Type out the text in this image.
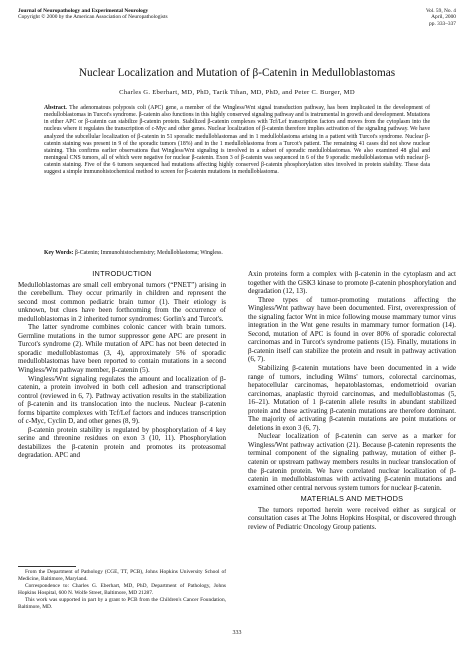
Journal of Neuropathology and Experimental Neurology
Copyright © 2000 by the American Association of Neuropathologists
Vol. 59, No. 4
April, 2000
pp. 333–337
Nuclear Localization and Mutation of β-Catenin in Medulloblastomas
Charles G. Eberhart, MD, PhD, Tarik Tihan, MD, PhD, and Peter C. Burger, MD
Abstract. The adenomatous polyposis coli (APC) gene, a member of the Wingless/Wnt signal transduction pathway, has been implicated in the development of medulloblastomas in Turcot's syndrome. β-catenin also functions in this highly conserved signaling pathway and is instrumental in growth and development. Mutations in either APC or β-catenin can stabilize β-catenin protein. Stabilized β-catenin complexes with Tcf/Lef transcription factors and moves from the cytoplasm into the nucleus where it regulates the transcription of c-Myc and other genes. Nuclear localization of β-catenin therefore implies activation of the signaling pathway. We have analyzed the subcellular localization of β-catenin in 51 sporadic medulloblastomas and in 1 medulloblastoma arising in a patient with Turcot's syndrome. Nuclear β-catenin staining was present in 9 of the sporadic tumors (18%) and in the 1 medulloblastoma from a Turcot's patient. The remaining 41 cases did not show nuclear staining. This confirms earlier observations that Wingless/Wnt signaling is involved in a subset of sporadic medulloblastomas. We also examined 48 glial and meningeal CNS tumors, all of which were negative for nuclear β-catenin. Exon 3 of β-catenin was sequenced in 6 of the 9 sporadic medulloblastomas with nuclear β-catenin staining. Five of the 6 tumors sequenced had mutations affecting highly conserved β-catenin phosphorylation sites involved in protein stability. These data suggest a simple immunohistochemical method to screen for β-catenin mutations in medulloblastoma.
Key Words: β-Catenin; Immunohistochemistry; Medulloblastoma; Wingless.
INTRODUCTION

Medulloblastomas are small cell embryonal tumors (“PNET”) arising in the cerebellum. They occur primarily in children and represent the second most common pediatric brain tumor (1). Their etiology is unknown, but clues have been forthcoming from the occurrence of medulloblastomas in 2 inherited tumor syndromes: Gorlin's and Turcot's.

The latter syndrome combines colonic cancer with brain tumors. Germline mutations in the tumor suppressor gene APC are present in Turcot's syndrome (2). While mutation of APC has not been detected in sporadic medulloblastomas (3, 4), approximately 5% of sporadic medulloblastomas have been reported to contain mutations in a second Wingless/Wnt pathway member, β-catenin (5).

Wingless/Wnt signaling regulates the amount and localization of β-catenin, a protein involved in both cell adhesion and transcriptional control (reviewed in 6, 7). Pathway activation results in the stabilization of β-catenin and its translocation into the nucleus. Nuclear β-catenin forms bipartite complexes with Tcf/Lef factors and induces transcription of c-Myc, Cyclin D, and other genes (8, 9).

β-catenin protein stability is regulated by phosphorylation of 4 key serine and threonine residues on exon 3 (10, 11). Phosphorylation destabilizes the β-catenin protein and promotes its proteasomal degradation. APC and

From the Department of Pathology (CGE, TT, PCB), Johns Hopkins University School of Medicine, Baltimore, Maryland.

Correspondence to: Charles G. Eberhart, MD, PhD, Department of Pathology, Johns Hopkins Hospital, 600 N. Wolfe Street, Baltimore, MD 21287.

This work was supported in part by a grant to PCB from the Children's Cancer Foundation, Baltimore, MD.

Axin proteins form a complex with β-catenin in the cytoplasm and act together with the GSK3 kinase to promote β-catenin phosphorylation and degradation (12, 13).

Three types of tumor-promoting mutations affecting the Wingless/Wnt pathway have been documented. First, overexpression of the signaling factor Wnt in mice following mouse mammary tumor virus integration in the Wnt gene results in mammary tumor formation (14). Second, mutation of APC is found in over 80% of sporadic colorectal carcinomas and in Turcot's syndrome patients (15). Finally, mutations in β-catenin itself can stabilize the protein and result in pathway activation (6, 7).

Stabilizing β-catenin mutations have been documented in a wide range of tumors, including Wilms' tumors, colorectal carcinomas, hepatocellular carcinomas, hepatoblastomas, endometrioid ovarian carcinomas, anaplastic thyroid carcinomas, and medulloblastomas (5, 16–21). Mutation of 1 β-catenin allele results in abundant stabilized protein and these activating β-catenin mutations are therefore dominant. The majority of activating β-catenin mutations are point mutations or deletions in exon 3 (6, 7).

Nuclear localization of β-catenin can serve as a marker for Wingless/Wnt pathway activation (21). Because β-catenin represents the terminal component of the signaling pathway, mutation of either β-catenin or upstream pathway members results in nuclear translocation of the β-catenin protein. We have correlated nuclear localization of β-catenin in medulloblastomas with activating β-catenin mutations and examined other central nervous system tumors for nuclear β-catenin.

MATERIALS AND METHODS

The tumors reported herein were received either as surgical or consultation cases at The Johns Hopkins Hospital, or discovered through review of Pediatric Oncology Group patients.

333
